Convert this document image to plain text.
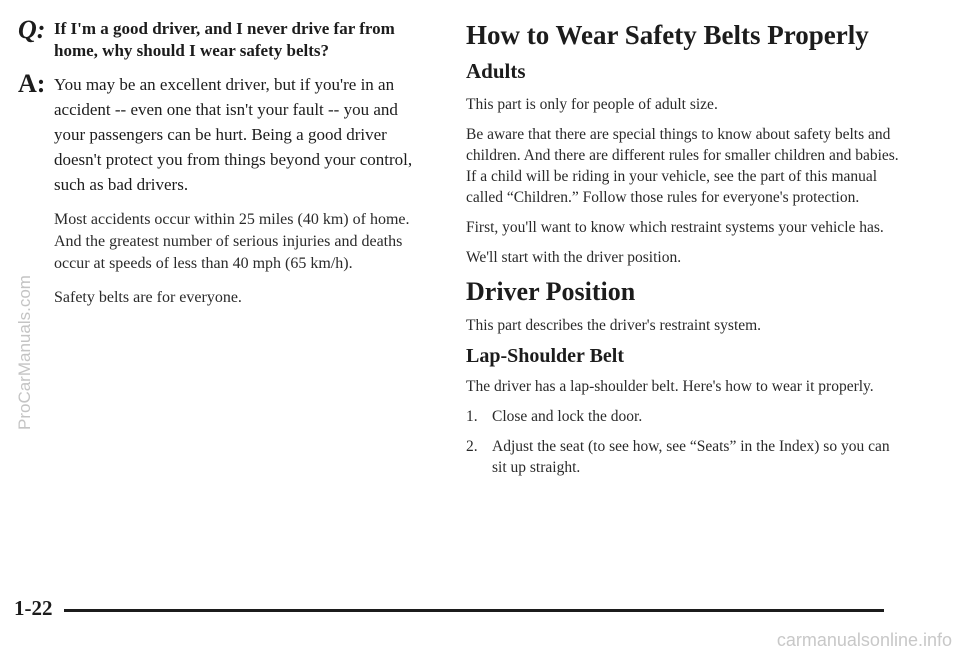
Q: If I'm a good driver, and I never drive far from home, why should I wear safety belts?

A: You may be an excellent driver, but if you're in an accident -- even one that isn't your fault -- you and your passengers can be hurt. Being a good driver doesn't protect you from things beyond your control, such as bad drivers.

Most accidents occur within 25 miles (40 km) of home. And the greatest number of serious injuries and deaths occur at speeds of less than 40 mph (65 km/h).

Safety belts are for everyone.

How to Wear Safety Belts Properly
Adults

This part is only for people of adult size.

Be aware that there are special things to know about safety belts and children. And there are different rules for smaller children and babies. If a child will be riding in your vehicle, see the part of this manual called “Children.” Follow those rules for everyone's protection.

First, you'll want to know which restraint systems your vehicle has.

We'll start with the driver position.

Driver Position

This part describes the driver's restraint system.

Lap-Shoulder Belt

The driver has a lap-shoulder belt. Here's how to wear it properly.

1. Close and lock the door.
2. Adjust the seat (to see how, see “Seats” in the Index) so you can sit up straight.
1-22
ProCarManuals.com
carmanualsonline.info
